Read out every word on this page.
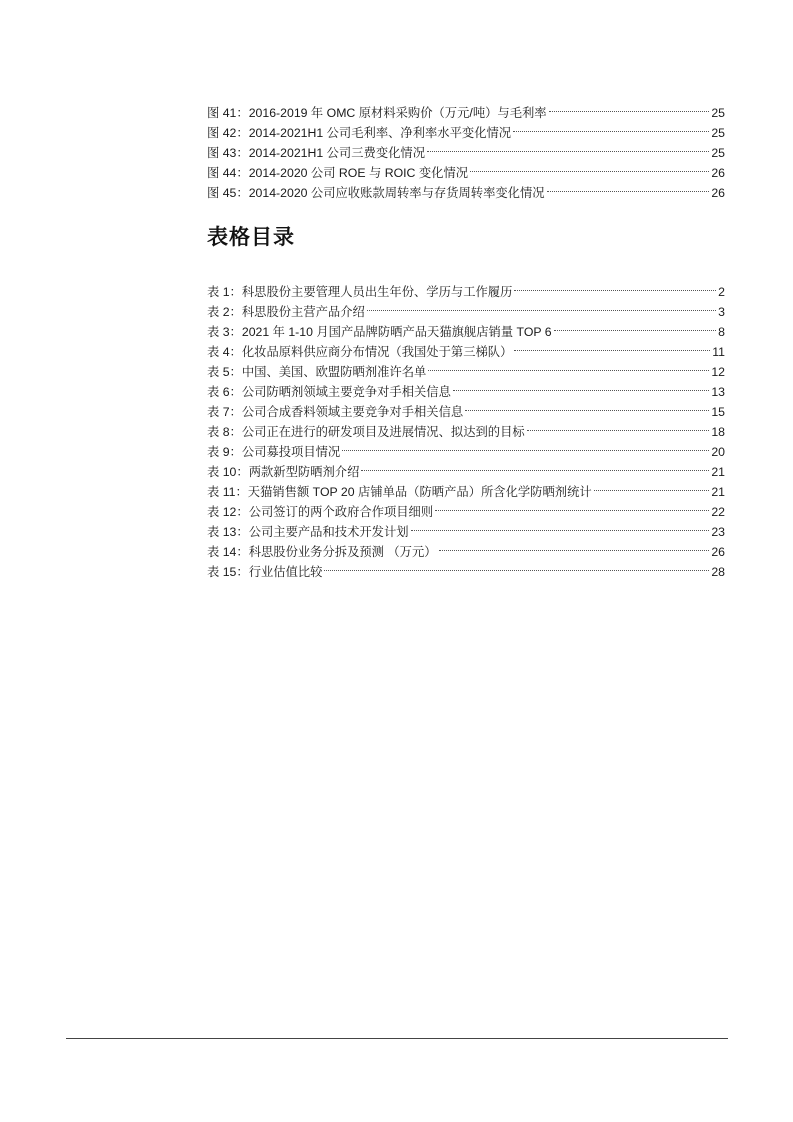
图 41：2016-2019 年 OMC 原材料采购价（万元/吨）与毛利率	25
图 42：2014-2021H1 公司毛利率、净利率水平变化情况	25
图 43：2014-2021H1 公司三费变化情况	25
图 44：2014-2020 公司 ROE 与 ROIC 变化情况	26
图 45：2014-2020 公司应收账款周转率与存货周转率变化情况	26
表格目录
表 1：科思股份主要管理人员出生年份、学历与工作履历	2
表 2：科思股份主营产品介绍	3
表 3：2021 年 1-10 月国产品牌防晒产品天猫旗舰店销量 TOP 6	8
表 4：化妆品原料供应商分布情况（我国处于第三梯队）	11
表 5：中国、美国、欧盟防晒剂准许名单	12
表 6：公司防晒剂领域主要竞争对手相关信息	13
表 7：公司合成香料领域主要竞争对手相关信息	15
表 8：公司正在进行的研发项目及进展情况、拟达到的目标	18
表 9：公司募投项目情况	20
表 10：两款新型防晒剂介绍	21
表 11：天猫销售额 TOP 20 店铺单品（防晒产品）所含化学防晒剂统计	21
表 12：公司签订的两个政府合作项目细则	22
表 13：公司主要产品和技术开发计划	23
表 14：科思股份业务分拆及预测 （万元）	26
表 15：行业估值比较	28
